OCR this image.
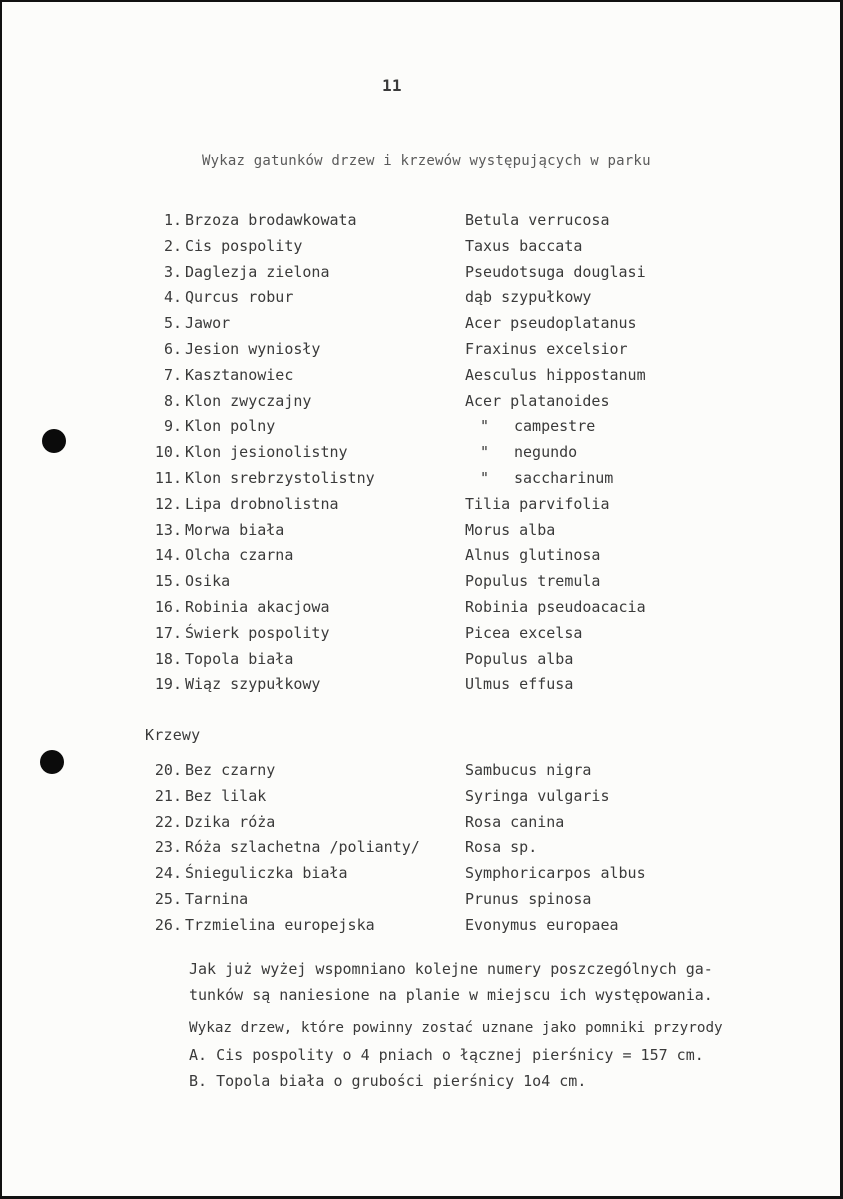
11
Wykaz gatunków drzew i krzewów występujących w parku
1. Brzoza brodawkowata	Betula verrucosa
2. Cis pospolity	Taxus baccata
3. Daglezja zielona	Pseudotsuga douglasi
4. Qurcus robur	dąb szypułkowy
5. Jawor	Acer pseudoplatanus
6. Jesion wyniosły	Fraxinus excelsior
7. Kasztanowiec	Aesculus hippostanum
8. Klon zwyczajny	Acer platanoides
9. Klon polny	" campestre
10. Klon jesionolistny	" negundo
11. Klon srebrzystolistny	" saccharinum
12. Lipa drobnolistna	Tilia parvifolia
13. Morwa biała	Morus alba
14. Olcha czarna	Alnus glutinosa
15. Osika	Populus tremula
16. Robinia akacjowa	Robinia pseudoacacia
17. Świerk pospolity	Picea excelsa
18. Topola biała	Populus alba
19. Wiąz szypułkowy	Ulmus effusa
Krzewy
20. Bez czarny	Sambucus nigra
21. Bez lilak	Syringa vulgaris
22. Dzika róża	Rosa canina
23. Róża szlachetna /polianty/	Rosa sp.
24. Śnieguliczka biała	Symphoricarpos albus
25. Tarnina	Prunus spinosa
26. Trzmielina europejska	Evonymus europaea
Jak już wyżej wspomniano kolejne numery poszczególnych ga-
tunków są naniesione na planie w miejscu ich występowania.
Wykaz drzew, które powinny zostać uznane jako pomniki przyrody
A. Cis pospolity o 4 pniach o łącznej pierśnicy = 157 cm.
B. Topola biała o grubości pierśnicy 1o4 cm.
